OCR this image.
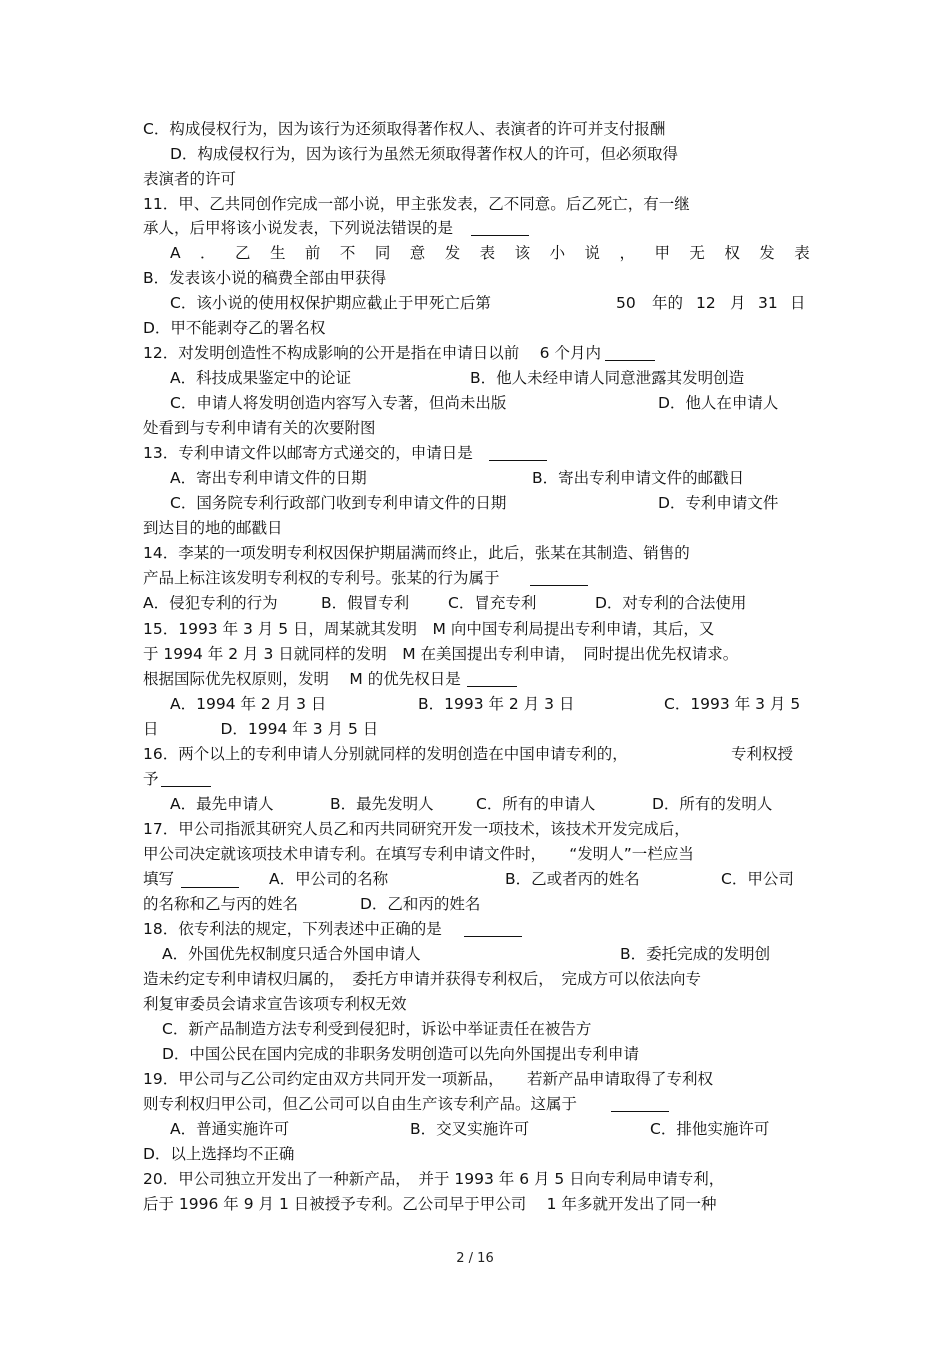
C．构成侵权行为，因为该行为还须取得著作权人、表演者的许可并支付报酬
D．构成侵权行为，因为该行为虽然无须取得著作权人的许可，但必须取得
表演者的许可
11．甲、乙共同创作完成一部小说，甲主张发表，乙不同意。后乙死亡，有一继
承人，后甲将该小说发表，下列说法错误的是
A ． 乙 生 前 不 同 意 发 表 该 小 说 ， 甲 无 权 发 表
B．发表该小说的稿费全部由甲获得
C．该小说的使用权保护期应截止于甲死亡后第	50 年的 12 月 31 日
D．甲不能剥夺乙的署名权
12．对发明创造性不构成影响的公开是指在申请日以前　 6 个月内
A．科技成果鉴定中的论证	B．他人未经申请人同意泄露其发明创造
C．申请人将发明创造内容写入专著，但尚未出版	D．他人在申请人
处看到与专利申请有关的次要附图
13．专利申请文件以邮寄方式递交的，申请日是
A．寄出专利申请文件的日期	B．寄出专利申请文件的邮戳日
C．国务院专利行政部门收到专利申请文件的日期	D．专利申请文件
到达目的地的邮戳日
14．李某的一项发明专利权因保护期届满而终止，此后，张某在其制造、销售的
产品上标注该发明专利权的专利号。张某的行为属于
A．侵犯专利的行为	B．假冒专利	C．冒充专利	D．对专利的合法使用
15．1993 年 3 月 5 日，周某就其发明　M 向中国专利局提出专利申请，其后，又
于 1994 年 2 月 3 日就同样的发明　M 在美国提出专利申请，　同时提出优先权请求。
根据国际优先权原则，发明　 M 的优先权日是
A．1994 年 2 月 3 日	B．1993 年 2 月 3 日	C．1993 年 3 月 5
日　　　　D．1994 年 3 月 5 日
16．两个以上的专利申请人分别就同样的发明创造在中国申请专利的，	专利权授
予
A．最先申请人	B．最先发明人	C．所有的申请人	D．所有的发明人
17．甲公司指派其研究人员乙和丙共同研究开发一项技术，该技术开发完成后，
甲公司决定就该项技术申请专利。在填写专利申请文件时，　　“发明人”一栏应当
填写	A．甲公司的名称	B．乙或者丙的姓名	C．甲公司
的名称和乙与丙的姓名　　　　D．乙和丙的姓名
18．依专利法的规定，下列表述中正确的是
A．外国优先权制度只适合外国申请人	B．委托完成的发明创
造未约定专利申请权归属的，　委托方申请并获得专利权后，　完成方可以依法向专
利复审委员会请求宣告该项专利权无效
C．新产品制造方法专利受到侵犯时，诉讼中举证责任在被告方
D．中国公民在国内完成的非职务发明创造可以先向外国提出专利申请
19．甲公司与乙公司约定由双方共同开发一项新品，　　若新产品申请取得了专利权
则专利权归甲公司，但乙公司可以自由生产该专利产品。这属于
A．普通实施许可	B．交叉实施许可	C．排他实施许可
D．以上选择均不正确
20．甲公司独立开发出了一种新产品，　并于 1993 年 6 月 5 日向专利局申请专利，
后于 1996 年 9 月 1 日被授予专利。乙公司早于甲公司　 1 年多就开发出了同一种
2 / 16
